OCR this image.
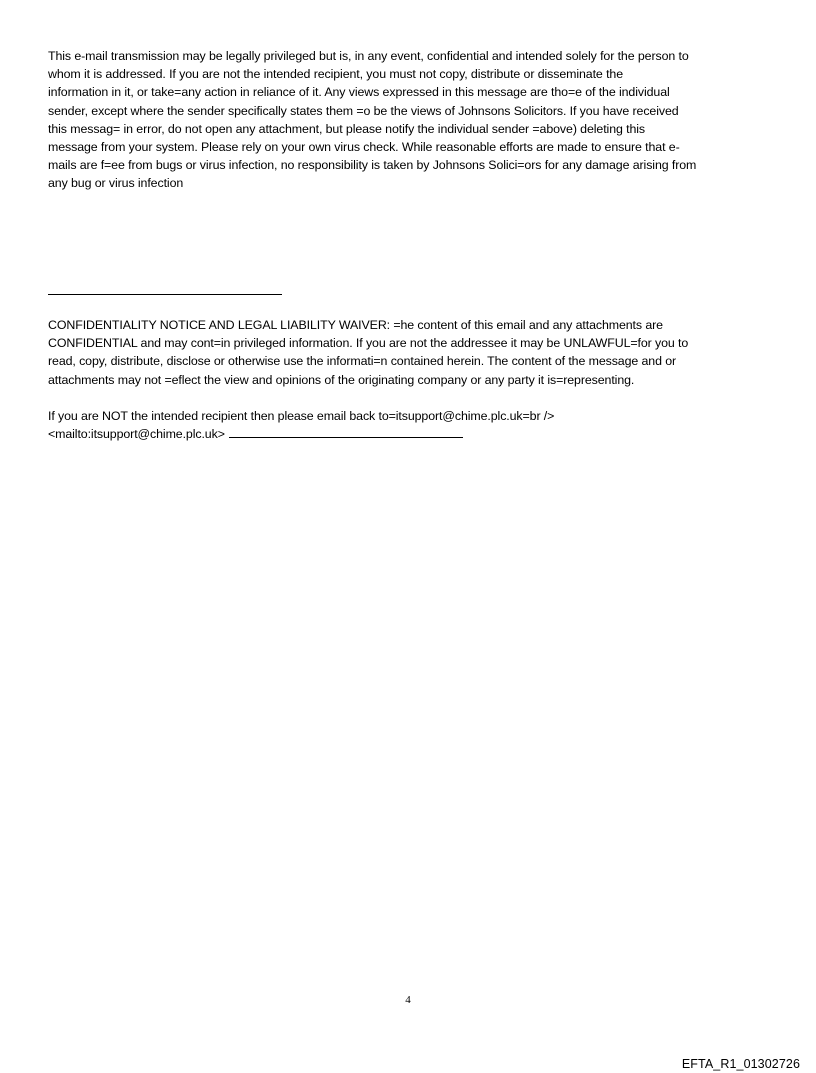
This e-mail transmission may be legally privileged but is, in any event, confidential and intended solely for the person to
whom it is addressed. If you are not the intended recipient, you must not copy, distribute or disseminate the
information in it, or take=any action in reliance of it. Any views expressed in this message are tho=e of the individual
sender, except where the sender specifically states them =o be the views of Johnsons Solicitors. If you have received
this messag= in error, do not open any attachment, but please notify the individual sender =above) deleting this
message from your system. Please rely on your own virus check. While reasonable efforts are made to ensure that e-
mails are f=ee from bugs or virus infection, no responsibility is taken by Johnsons Solici=ors for any damage arising from
any bug or virus infection

CONFIDENTIALITY NOTICE AND LEGAL LIABILITY WAIVER: =he content of this email and any attachments are
CONFIDENTIAL and may cont=in privileged information. If you are not the addressee it may be UNLAWFUL=for you to
read, copy, distribute, disclose or otherwise use the informati=n contained herein. The content of the message and or
attachments may not =eflect the view and opinions of the originating company or any party it is=representing.

If you are NOT the intended recipient then please email back to=itsupport@chime.plc.uk=br />
<mailto:itsupport@chime.plc.uk>

4
EFTA_R1_01302726
